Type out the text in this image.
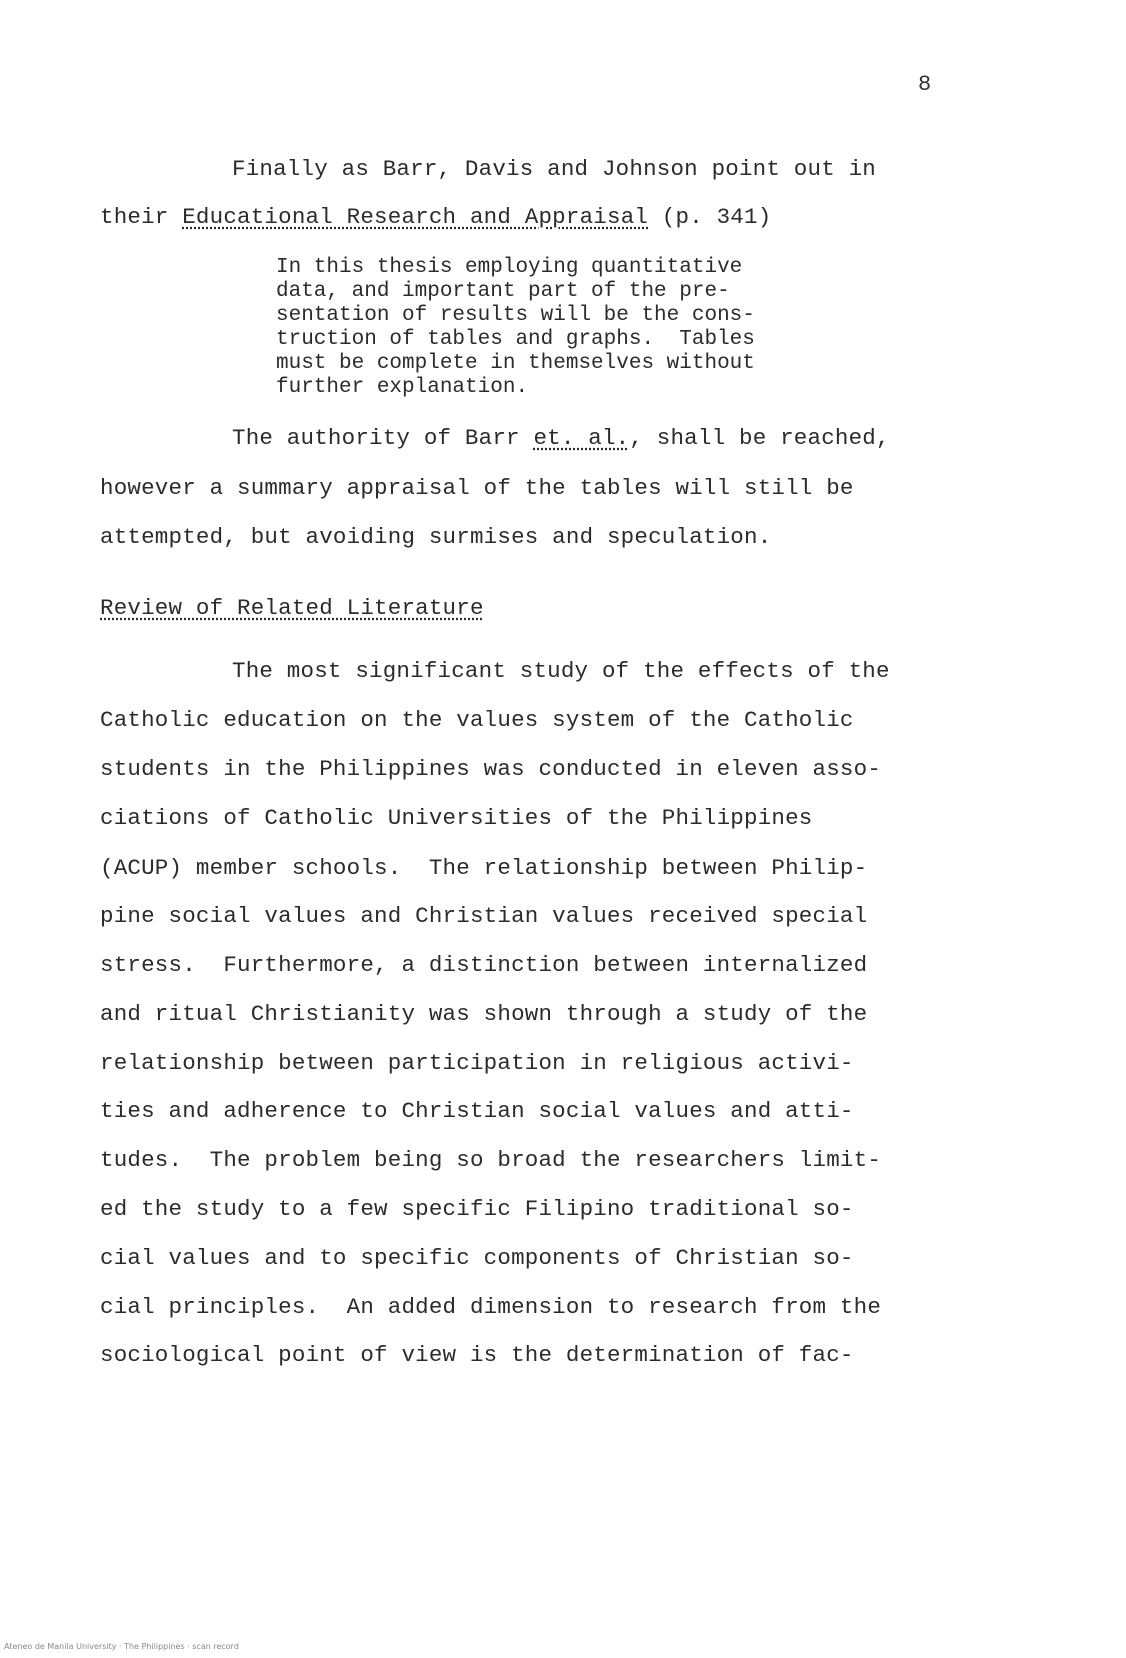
8
Finally as Barr, Davis and Johnson point out in
their Educational Research and Appraisal (p. 341)
In this thesis employing quantitative
data, and important part of the pre-
sentation of results will be the cons-
truction of tables and graphs.  Tables
must be complete in themselves without
further explanation.
The authority of Barr et. al., shall be reached,
however a summary appraisal of the tables will still be
attempted, but avoiding surmises and speculation.
Review of Related Literature
The most significant study of the effects of the
Catholic education on the values system of the Catholic
students in the Philippines was conducted in eleven asso-
ciations of Catholic Universities of the Philippines
(ACUP) member schools.  The relationship between Philip-
pine social values and Christian values received special
stress.  Furthermore, a distinction between internalized
and ritual Christianity was shown through a study of the
relationship between participation in religious activi-
ties and adherence to Christian social values and atti-
tudes.  The problem being so broad the researchers limit-
ed the study to a few specific Filipino traditional so-
cial values and to specific components of Christian so-
cial principles.  An added dimension to research from the
sociological point of view is the determination of fac-
Ateneo de Manila University · The Philippines · scan record
